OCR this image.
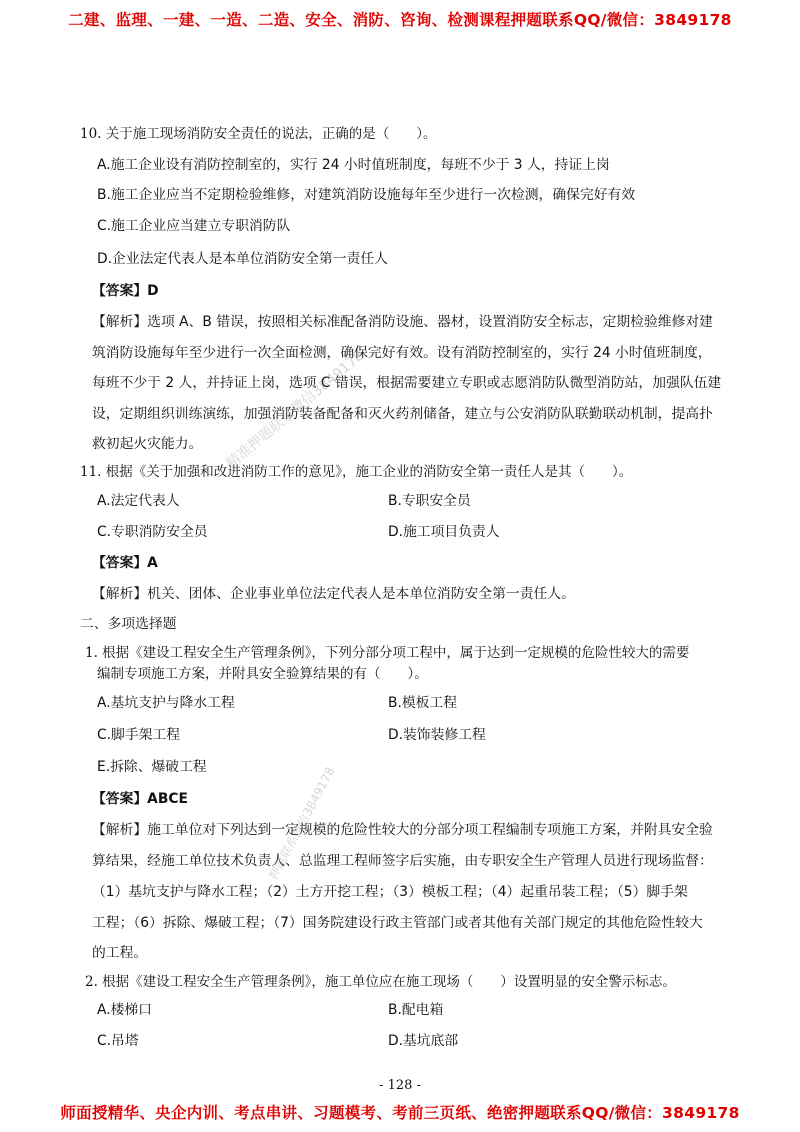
二建、监理、一建、一造、二造、安全、消防、咨询、检测课程押题联系QQ/微信：3849178
10. 关于施工现场消防安全责任的说法，正确的是（　　）。
A.施工企业设有消防控制室的，实行 24 小时值班制度，每班不少于 3 人，持证上岗
B.施工企业应当不定期检验维修，对建筑消防设施每年至少进行一次检测，确保完好有效
C.施工企业应当建立专职消防队
D.企业法定代表人是本单位消防安全第一责任人
【答案】D
【解析】选项 A、B 错误，按照相关标准配备消防设施、器材，设置消防安全标志，定期检验维修对建
筑消防设施每年至少进行一次全面检测，确保完好有效。设有消防控制室的，实行 24 小时值班制度，
每班不少于 2 人，并持证上岗，选项 C 错误，根据需要建立专职或志愿消防队微型消防站，加强队伍建
设，定期组织训练演练，加强消防装备配备和灭火药剂储备，建立与公安消防队联勤联动机制，提高扑
救初起火灾能力。
11. 根据《关于加强和改进消防工作的意见》，施工企业的消防安全第一责任人是其（　　）。
A.法定代表人	B.专职安全员
C.专职消防安全员	D.施工项目负责人
【答案】A
【解析】机关、团体、企业事业单位法定代表人是本单位消防安全第一责任人。
二、多项选择题
1. 根据《建设工程安全生产管理条例》，下列分部分项工程中，属于达到一定规模的危险性较大的需要
编制专项施工方案，并附具安全验算结果的有（　　）。
A.基坑支护与降水工程	B.模板工程
C.脚手架工程	D.装饰装修工程
E.拆除、爆破工程
【答案】ABCE
【解析】施工单位对下列达到一定规模的危险性较大的分部分项工程编制专项施工方案，并附具安全验
算结果，经施工单位技术负责人、总监理工程师签字后实施，由专职安全生产管理人员进行现场监督：
（1）基坑支护与降水工程；（2）土方开挖工程；（3）模板工程；（4）起重吊装工程；（5）脚手架
工程；（6）拆除、爆破工程；（7）国务院建设行政主管部门或者其他有关部门规定的其他危险性较大
的工程。
2. 根据《建设工程安全生产管理条例》，施工单位应在施工现场（　　）设置明显的安全警示标志。
A.楼梯口	B.配电箱
C.吊塔	D.基坑底部
精准押题联系微信3849178
押题联系微信3849178
- 128 -
师面授精华、央企内训、考点串讲、习题模考、考前三页纸、绝密押题联系QQ/微信：3849178
